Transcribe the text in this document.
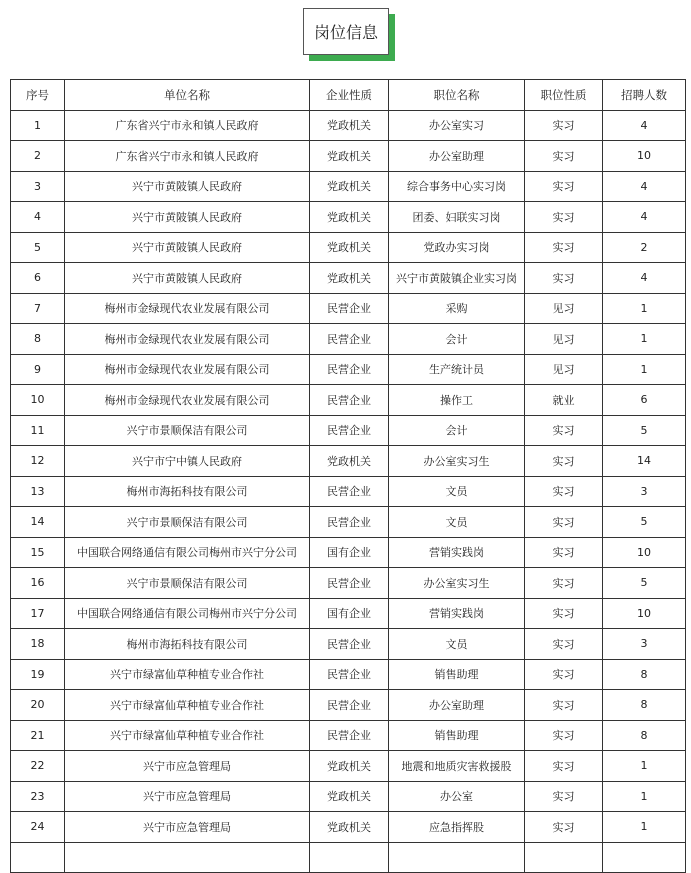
岗位信息
序号	单位名称	企业性质	职位名称	职位性质	招聘人数
1	广东省兴宁市永和镇人民政府	党政机关	办公室实习	实习	4
2	广东省兴宁市永和镇人民政府	党政机关	办公室助理	实习	10
3	兴宁市黄陂镇人民政府	党政机关	综合事务中心实习岗	实习	4
4	兴宁市黄陂镇人民政府	党政机关	团委、妇联实习岗	实习	4
5	兴宁市黄陂镇人民政府	党政机关	党政办实习岗	实习	2
6	兴宁市黄陂镇人民政府	党政机关	兴宁市黄陂镇企业实习岗	实习	4
7	梅州市金绿现代农业发展有限公司	民营企业	采购	见习	1
8	梅州市金绿现代农业发展有限公司	民营企业	会计	见习	1
9	梅州市金绿现代农业发展有限公司	民营企业	生产统计员	见习	1
10	梅州市金绿现代农业发展有限公司	民营企业	操作工	就业	6
11	兴宁市景顺保洁有限公司	民营企业	会计	实习	5
12	兴宁市宁中镇人民政府	党政机关	办公室实习生	实习	14
13	梅州市海拓科技有限公司	民营企业	文员	实习	3
14	兴宁市景顺保洁有限公司	民营企业	文员	实习	5
15	中国联合网络通信有限公司梅州市兴宁分公司	国有企业	营销实践岗	实习	10
16	兴宁市景顺保洁有限公司	民营企业	办公室实习生	实习	5
17	中国联合网络通信有限公司梅州市兴宁分公司	国有企业	营销实践岗	实习	10
18	梅州市海拓科技有限公司	民营企业	文员	实习	3
19	兴宁市绿富仙草种植专业合作社	民营企业	销售助理	实习	8
20	兴宁市绿富仙草种植专业合作社	民营企业	办公室助理	实习	8
21	兴宁市绿富仙草种植专业合作社	民营企业	销售助理	实习	8
22	兴宁市应急管理局	党政机关	地震和地质灾害救援股	实习	1
23	兴宁市应急管理局	党政机关	办公室	实习	1
24	兴宁市应急管理局	党政机关	应急指挥股	实习	1
